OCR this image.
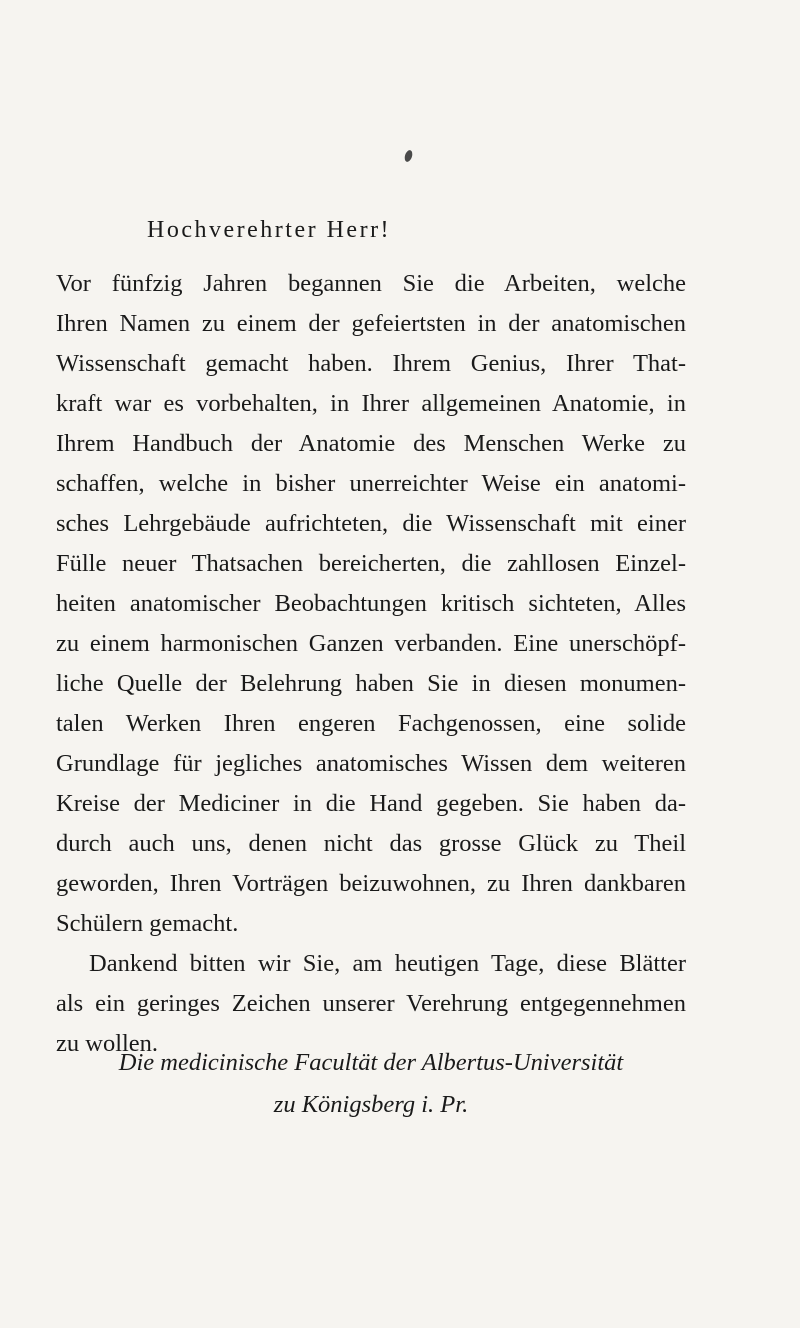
Hochverehrter Herr!
Vor fünfzig Jahren begannen Sie die Arbeiten, welche
Ihren Namen zu einem der gefeiertsten in der anatomischen
Wissenschaft gemacht haben. Ihrem Genius, Ihrer That-
kraft war es vorbehalten, in Ihrer allgemeinen Anatomie, in
Ihrem Handbuch der Anatomie des Menschen Werke zu
schaffen, welche in bisher unerreichter Weise ein anatomi-
sches Lehrgebäude aufrichteten, die Wissenschaft mit einer
Fülle neuer Thatsachen bereicherten, die zahllosen Einzel-
heiten anatomischer Beobachtungen kritisch sichteten, Alles
zu einem harmonischen Ganzen verbanden. Eine unerschöpf-
liche Quelle der Belehrung haben Sie in diesen monumen-
talen Werken Ihren engeren Fachgenossen, eine solide
Grundlage für jegliches anatomisches Wissen dem weiteren
Kreise der Mediciner in die Hand gegeben. Sie haben da-
durch auch uns, denen nicht das grosse Glück zu Theil
geworden, Ihren Vorträgen beizuwohnen, zu Ihren dankbaren
Schülern gemacht.
Dankend bitten wir Sie, am heutigen Tage, diese Blätter
als ein geringes Zeichen unserer Verehrung entgegennehmen
zu wollen.
Die medicinische Facultät der Albertus-Universität
zu Königsberg i. Pr.
